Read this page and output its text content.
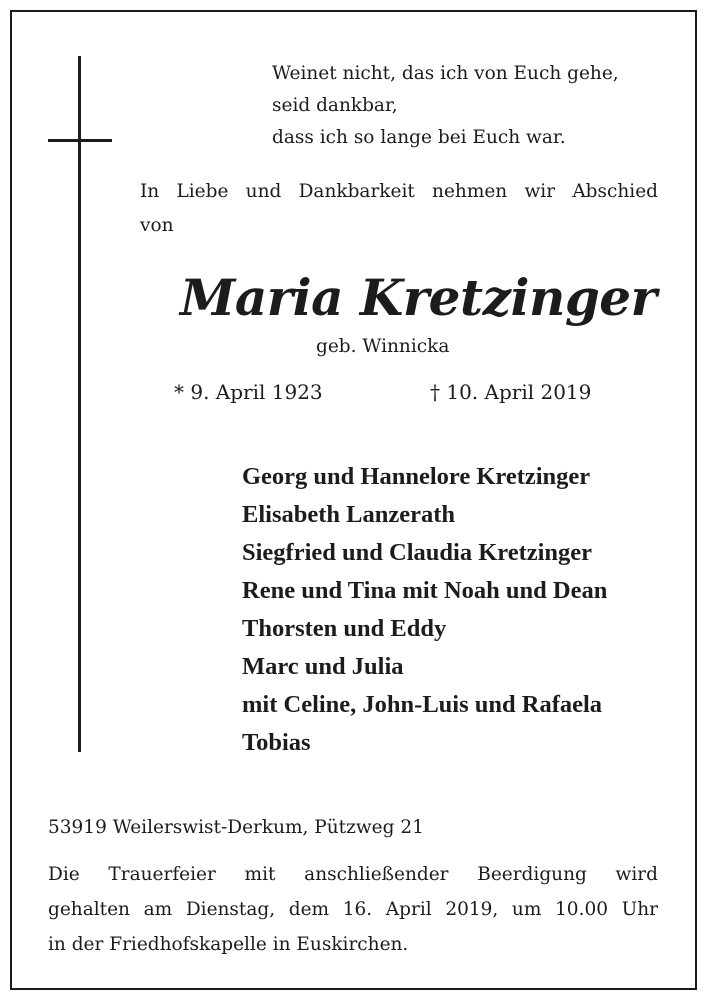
Weinet nicht, das ich von Euch gehe,
seid dankbar,
dass ich so lange bei Euch war.
In Liebe und Dankbarkeit nehmen wir Abschied
von
Maria Kretzinger
geb. Winnicka
* 9. April 1923	† 10. April 2019
Georg und Hannelore Kretzinger
Elisabeth Lanzerath
Siegfried und Claudia Kretzinger
Rene und Tina mit Noah und Dean
Thorsten und Eddy
Marc und Julia
mit Celine, John-Luis und Rafaela
Tobias
53919 Weilerswist-Derkum, Pützweg 21
Die Trauerfeier mit anschließender Beerdigung wird
gehalten am Dienstag, dem 16. April 2019, um 10.00 Uhr
in der Friedhofskapelle in Euskirchen.
